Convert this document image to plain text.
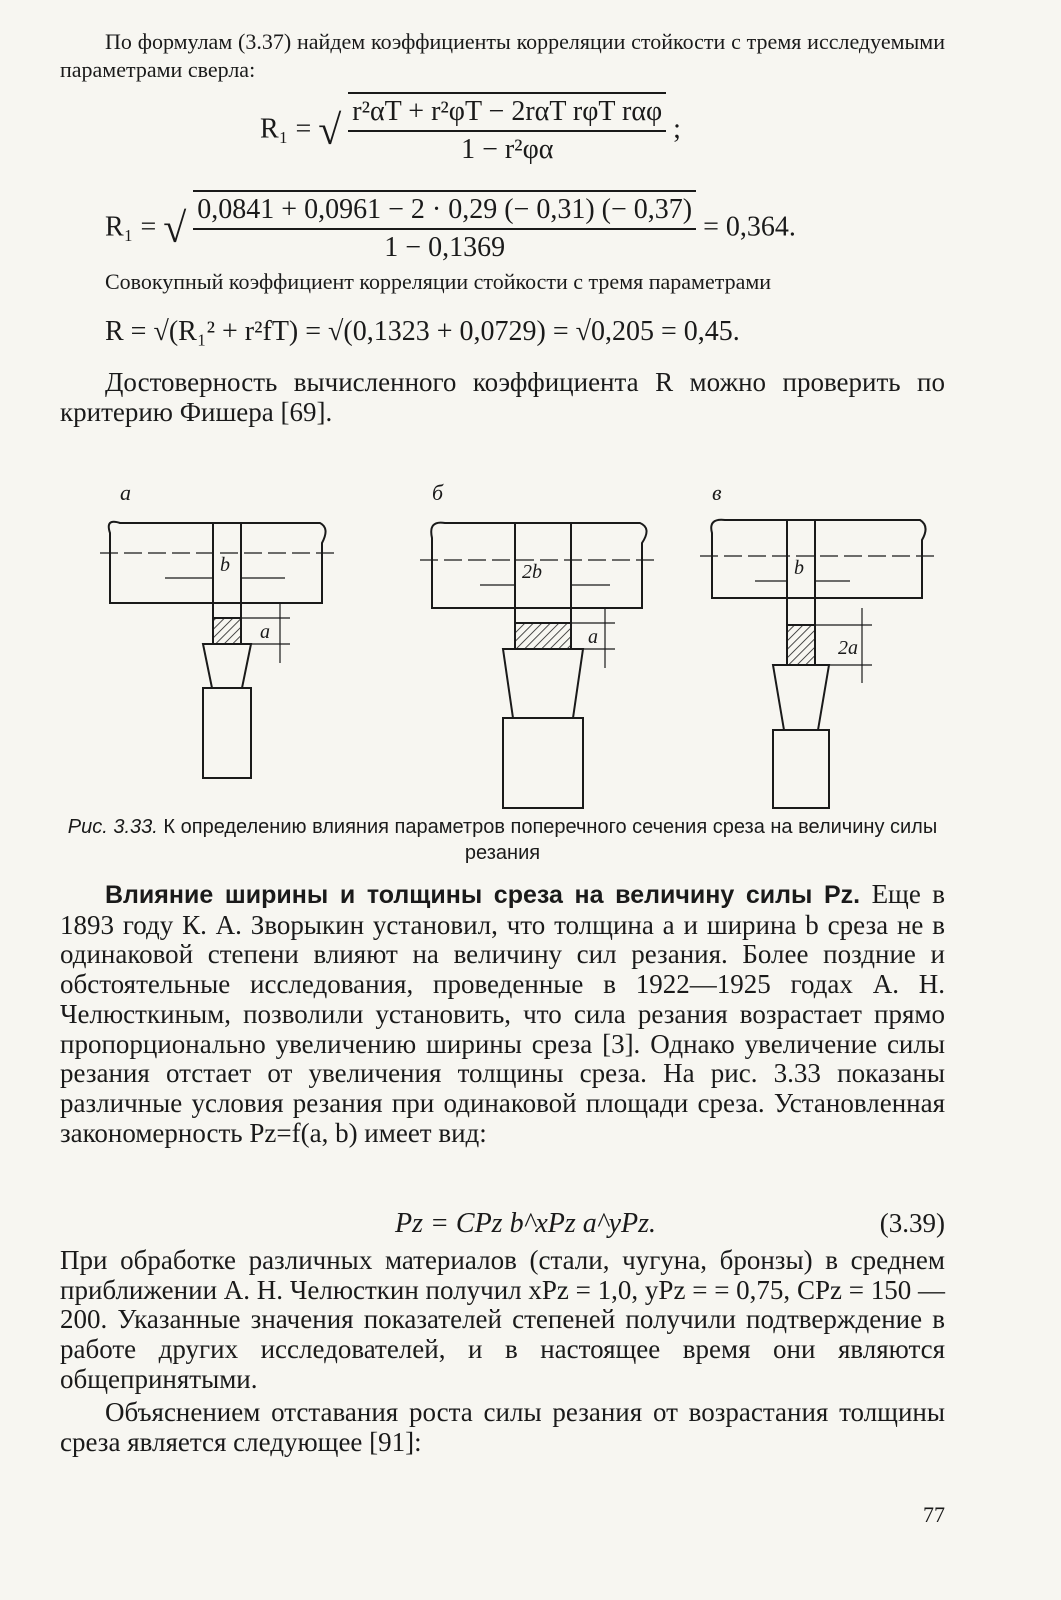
По формулам (3.37) найдем коэффициенты корреляции стойкости с тремя исследуемыми параметрами сверла:

R₁ = √ $\frac{\text{r²αT + r²φT − 2rαT rφT rαφ}}{\text{1 − r²φα}}$ ;
R₁ = √ $\frac{0,0841 + 0,0961 - 2 \cdot 0,29 (- 0,31) (- 0,37)}{1 - 0,1369} = 0,364$.

Совокупный коэффициент корреляции стойкости с тремя параметрами

R = √(R₁² + r²fT) = √(0,1323 + 0,0729) = √0,205 = 0,45.

Достоверность вычисленного коэффициента R можно проверить по критерию Фишера [69].

а
b
a
б
2b
a
в
b
2a
Рис. 3.33. К определению влияния параметров поперечного сечения среза на величину силы резания

Влияние ширины и толщины среза на величину силы Pz. Еще в 1893 году К. А. Зворыкин установил, что толщина a и ширина b среза не в одинаковой степени влияют на величину сил резания. Более поздние и обстоятельные исследования, проведенные в 1922—1925 годах А. Н. Челюсткиным, позволили установить, что сила резания возрастает прямо пропорционально увеличению ширины среза [3]. Однако увеличение силы резания отстает от увеличения толщины среза. На рис. 3.33 показаны различные условия резания при одинаковой площади среза. Установленная закономерность Pz=f(a, b) имеет вид:

Pz = CPz b^xPz a^yPz.	(3.39)

При обработке различных материалов (стали, чугуна, бронзы) в среднем приближении А. Н. Челюсткин получил xPz = 1,0, yPz = = 0,75, CPz = 150 — 200. Указанные значения показателей степеней получили подтверждение в работе других исследователей, и в настоящее время они являются общепринятыми.

Объяснением отставания роста силы резания от возрастания толщины среза является следующее [91]:

77
